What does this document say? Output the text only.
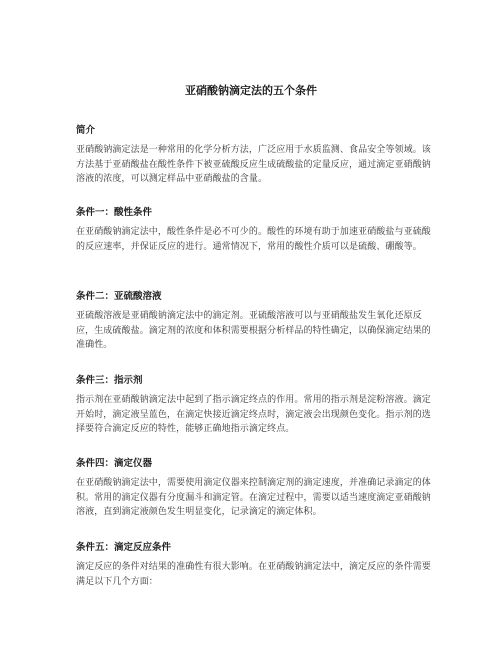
亚硝酸钠滴定法的五个条件
简介

亚硝酸钠滴定法是一种常用的化学分析方法，广泛应用于水质监测、食品安全等领域。该方法基于亚硝酸盐在酸性条件下被亚硫酸反应生成硫酸盐的定量反应，通过滴定亚硝酸钠溶液的浓度，可以测定样品中亚硝酸盐的含量。

条件一：酸性条件

在亚硝酸钠滴定法中，酸性条件是必不可少的。酸性的环境有助于加速亚硝酸盐与亚硫酸的反应速率，并保证反应的进行。通常情况下，常用的酸性介质可以是硫酸、硼酸等。

条件二：亚硫酸溶液

亚硫酸溶液是亚硝酸钠滴定法中的滴定剂。亚硫酸溶液可以与亚硝酸盐发生氧化还原反应，生成硫酸盐。滴定剂的浓度和体积需要根据分析样品的特性确定，以确保滴定结果的准确性。

条件三：指示剂

指示剂在亚硝酸钠滴定法中起到了指示滴定终点的作用。常用的指示剂是淀粉溶液。滴定开始时，滴定液呈蓝色，在滴定快接近滴定终点时，滴定液会出现颜色变化。指示剂的选择要符合滴定反应的特性，能够正确地指示滴定终点。

条件四：滴定仪器

在亚硝酸钠滴定法中，需要使用滴定仪器来控制滴定剂的滴定速度，并准确记录滴定的体积。常用的滴定仪器有分度漏斗和滴定管。在滴定过程中，需要以适当速度滴定亚硝酸钠溶液，直到滴定液颜色发生明显变化，记录滴定的滴定体积。

条件五：滴定反应条件

滴定反应的条件对结果的准确性有很大影响。在亚硝酸钠滴定法中，滴定反应的条件需要满足以下几个方面：
